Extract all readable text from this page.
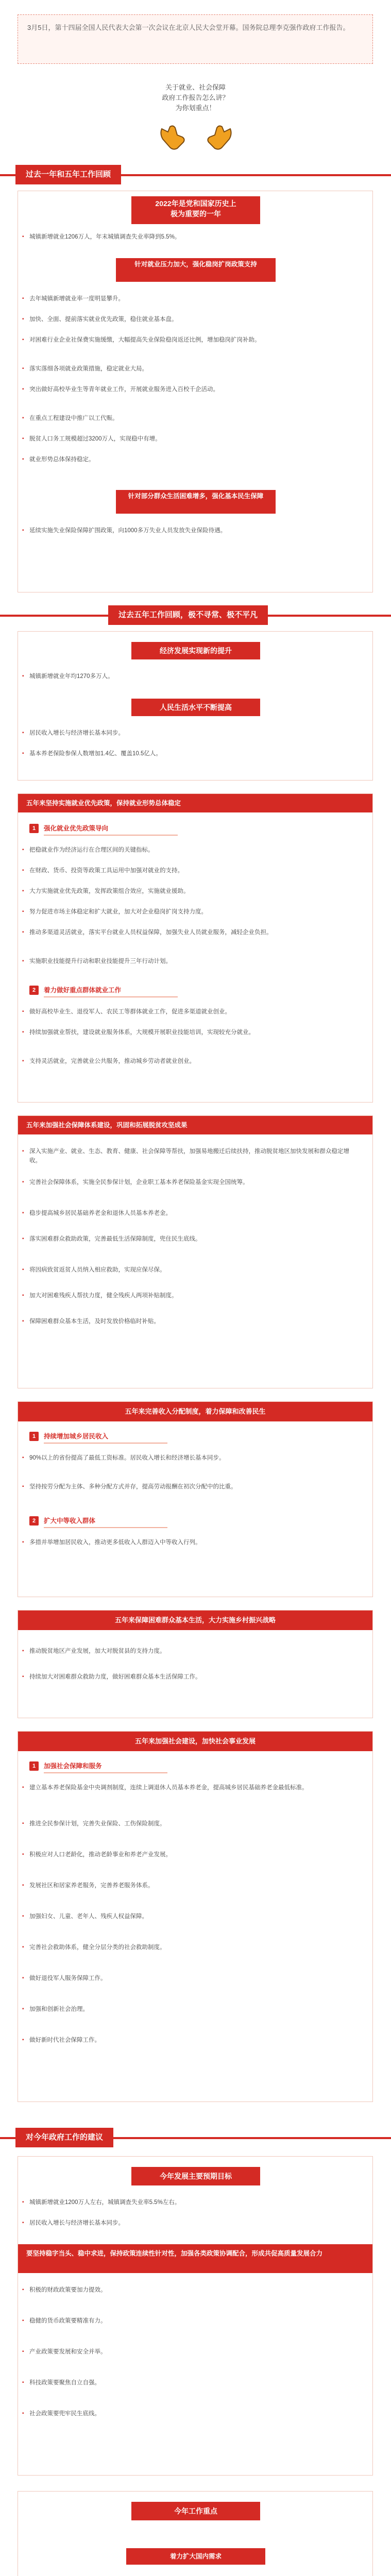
3月5日，第十四届全国人民代表大会第一次会议在北京人民大会堂开幕。国务院总理李克强作政府工作报告。
关于就业、社会保障
政府工作报告怎么讲？
为你划重点！
过去一年和五年工作回顾
2022年是党和国家历史上
极为重要的一年
▪ 城镇新增就业1206万人，年末城镇调查失业率降到5.5%。
针对就业压力加大，强化稳岗扩岗政策支持
▪ 去年城镇新增就业率一度明显攀升。
▪ 加快、全面、提前落实就业优先政策，稳住就业基本盘。
▪ 对困难行业企业社保费实施缓缴，大幅提高失业保险稳岗返还比例，增加稳岗扩岗补助。
▪ 落实落细各项就业政策措施，稳定就业大局。
▪ 突出做好高校毕业生等青年就业工作，开展就业服务进入百校千企活动。
▪ 在重点工程建设中推广以工代赈。
▪ 脱贫人口务工规模超过3200万人，实现稳中有增。
▪ 就业形势总体保持稳定。
针对部分群众生活困难增多，强化基本民生保障
▪ 延续实施失业保险保障扩围政策，向1000多万失业人员发放失业保险待遇。
过去五年工作回顾，极不寻常、极不平凡
经济发展实现新的提升
▪ 城镇新增就业年均1270多万人。
人民生活水平不断提高
▪ 居民收入增长与经济增长基本同步。
▪ 基本养老保险参保人数增加1.4亿、覆盖10.5亿人。
五年来坚持实施就业优先政策，保持就业形势总体稳定
1	强化就业优先政策导向
▪ 把稳就业作为经济运行在合理区间的关键指标。
▪ 在财政、货币、投资等政策工具运用中加强对就业的支持。
▪ 大力实施就业优先政策，发挥政策组合效应，实施就业援助。
▪ 努力促进市场主体稳定和扩大就业，加大对企业稳岗扩岗支持力度。
▪ 推动多渠道灵活就业，落实平台就业人员权益保障，加强失业人员就业服务，减轻企业负担。
▪ 实施职业技能提升行动和职业技能提升三年行动计划。
2	着力做好重点群体就业工作
▪ 做好高校毕业生、退役军人、农民工等群体就业工作，促进多渠道就业创业。
▪ 持续加强就业帮扶，建设就业服务体系，大规模开展职业技能培训，实现较充分就业。
▪ 支持灵活就业，完善就业公共服务，推动城乡劳动者就业创业。
五年来加强社会保障体系建设，巩固和拓展脱贫攻坚成果
▪ 深入实施产业、就业、生态、教育、健康、社会保障等帮扶，加强易地搬迁后续扶持，推动脱贫地区加快发展和群众稳定增收。
▪ 完善社会保障体系，实施全民参保计划，企业职工基本养老保险基金实现全国统筹。
▪ 稳步提高城乡居民基础养老金和退休人员基本养老金。
▪ 落实困难群众救助政策，完善最低生活保障制度，兜住民生底线。
▪ 将因病致贫返贫人员纳入相应救助，实现应保尽保。
▪ 加大对困难残疾人帮扶力度，健全残疾人两项补贴制度。
▪ 保障困难群众基本生活，及时发放价格临时补贴。
五年来完善收入分配制度，着力保障和改善民生
1	持续增加城乡居民收入
▪ 90%以上的省份提高了最低工资标准。居民收入增长和经济增长基本同步。
▪ 坚持按劳分配为主体、多种分配方式并存，提高劳动报酬在初次分配中的比重。
2	扩大中等收入群体
▪ 多措并举增加居民收入，推动更多低收入人群迈入中等收入行列。
五年来保障困难群众基本生活，大力实施乡村振兴战略
▪ 推动脱贫地区产业发展，加大对脱贫县的支持力度。
▪ 持续加大对困难群众救助力度，做好困难群众基本生活保障工作。
五年来加强社会建设，加快社会事业发展
1	加强社会保障和服务
▪ 建立基本养老保险基金中央调剂制度，连续上调退休人员基本养老金，提高城乡居民基础养老金最低标准。
▪ 推进全民参保计划，完善失业保险、工伤保险制度。
▪ 积极应对人口老龄化，推动老龄事业和养老产业发展。
▪ 发展社区和居家养老服务，完善养老服务体系。
▪ 加强妇女、儿童、老年人、残疾人权益保障。
▪ 完善社会救助体系，健全分层分类的社会救助制度。
▪ 做好退役军人服务保障工作。
▪ 加强和创新社会治理。
▪ 做好新时代社会保障工作。
对今年政府工作的建议
今年发展主要预期目标
▪ 城镇新增就业1200万人左右，城镇调查失业率5.5%左右。
▪ 居民收入增长与经济增长基本同步。
要坚持稳字当头、稳中求进，保持政策连续性针对性，加强各类政策协调配合，形成共促高质量发展合力
▪ 积极的财政政策要加力提效。
▪ 稳健的货币政策要精准有力。
▪ 产业政策要发展和安全并举。
▪ 科技政策要聚焦自立自强。
▪ 社会政策要兜牢民生底线。
今年工作重点
着力扩大国内需求
